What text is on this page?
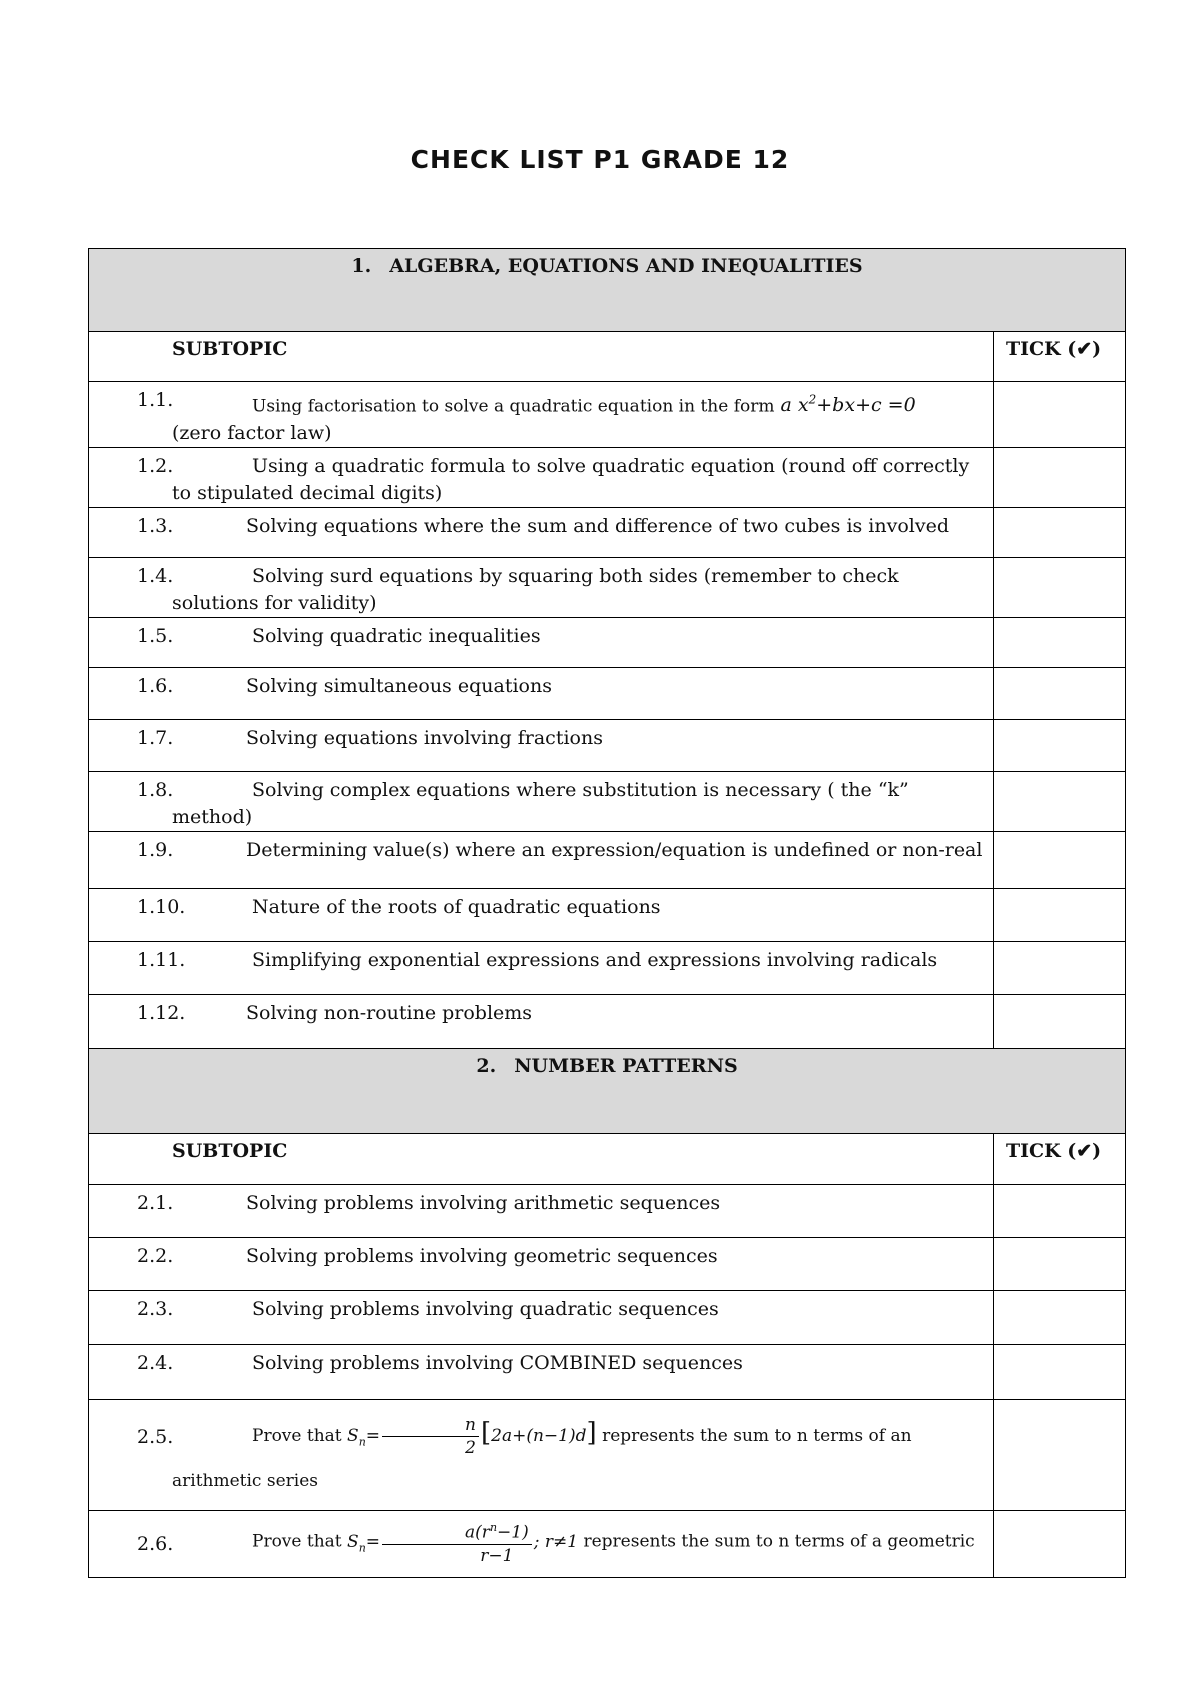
CHECK LIST P1 GRADE 12
1. ALGEBRA, EQUATIONS AND INEQUALITIES	
SUBTOPIC	TICK (✔)

1.1. Using factorisation to solve a quadratic equation in the form a $x^2+bx+c =0$
(zero factor law)	

1.2. Using a quadratic formula to solve quadratic equation (round off correctly to stipulated decimal digits)	

1.3. Solving equations where the sum and difference of two cubes is involved	

1.4. Solving surd equations by squaring both sides (remember to check solutions for validity)	

1.5. Solving quadratic inequalities	

1.6. Solving simultaneous equations	

1.7. Solving equations involving fractions	

1.8. Solving complex equations where substitution is necessary ( the “k” method)	

1.9. Determining value(s) where an expression/equation is undefined or non-real	

1.10. Nature of the roots of quadratic equations	

1.11. Simplifying exponential expressions and expressions involving radicals	

1.12. Solving non-routine problems	

2. NUMBER PATTERNS	
SUBTOPIC	TICK (✔)

2.1. Solving problems involving arithmetic sequences	

2.2. Solving problems involving geometric sequences	

2.3. Solving problems involving quadratic sequences	

2.4. Solving problems involving COMBINED sequences	

2.5. Prove that $S_n= \frac{n}{2} [2a+(n-1)d]$ represents the sum to n terms of an arithmetic series	

2.6. Prove that $S_n= \frac{a(r^n-1)}{r-1}$ ; r≠1 represents the sum to n terms of a geometric	
